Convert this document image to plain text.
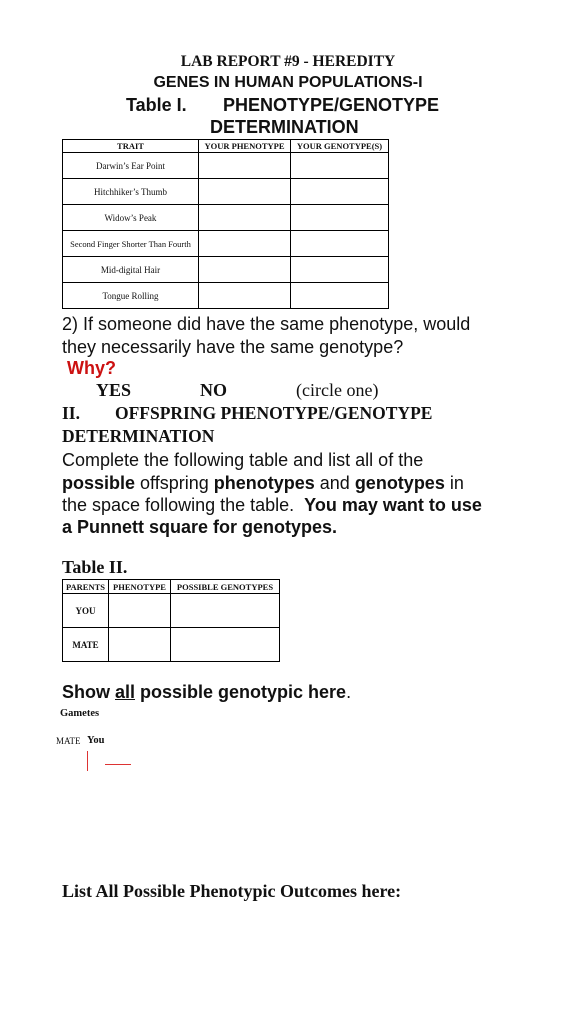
LAB REPORT #9 - HEREDITY
GENES IN HUMAN POPULATIONS-I
Table I. PHENOTYPE/GENOTYPE
DETERMINATION
TRAIT	YOUR PHENOTYPE	YOUR GENOTYPE(S)
Darwin’s Ear Point		
Hitchhiker’s Thumb		
Widow’s Peak		
Second Finger Shorter Than Fourth		
Mid-digital Hair		
Tongue Rolling		
2) If someone did have the same phenotype, would
they necessarily have the same genotype?
Why?
YES	NO	(circle one)
II. OFFSPRING PHENOTYPE/GENOTYPE
DETERMINATION
Complete the following table and list all of the
possible offspring phenotypes and genotypes in
the space following the table.  You may want to use
a Punnett square for genotypes.
Table II.
PARENTS	PHENOTYPE	POSSIBLE GENOTYPES
YOU		
MATE		
Show all possible genotypic here.
Gametes
MATE You
List All Possible Phenotypic Outcomes here:
